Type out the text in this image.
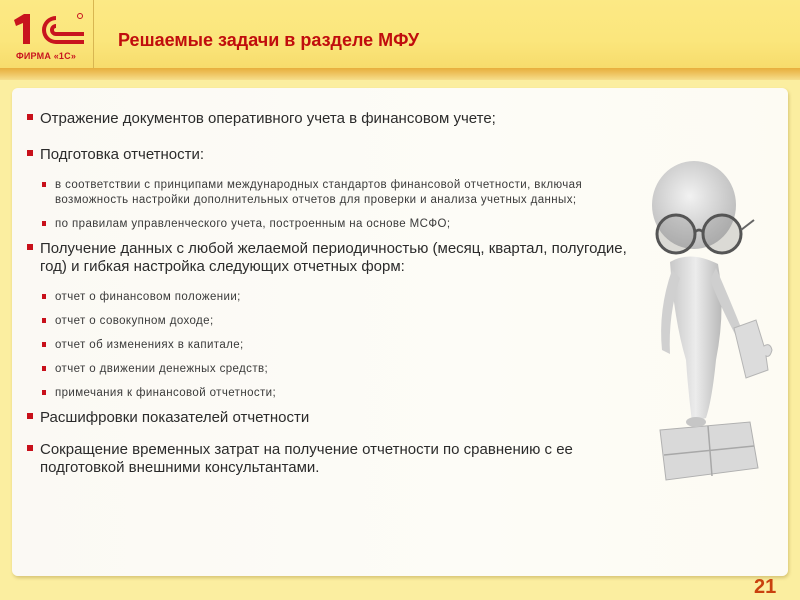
ФИРМА «1С»
Решаемые задачи в разделе МФУ
Отражение документов оперативного учета в финансовом учете;
Подготовка отчетности:
в соответствии с принципами международных стандартов финансовой отчетности, включая возможность настройки дополнительных отчетов для проверки и анализа учетных данных;
по правилам управленческого учета, построенным на основе МСФО;
Получение данных с любой желаемой периодичностью (месяц, квартал, полугодие, год) и гибкая настройка следующих отчетных форм:
отчет о финансовом положении;
отчет о совокупном доходе;
отчет об изменениях в капитале;
отчет о движении денежных средств;
примечания к финансовой отчетности;
Расшифровки показателей отчетности
Сокращение временных затрат на получение отчетности по сравнению с ее подготовкой внешними консультантами.
21
